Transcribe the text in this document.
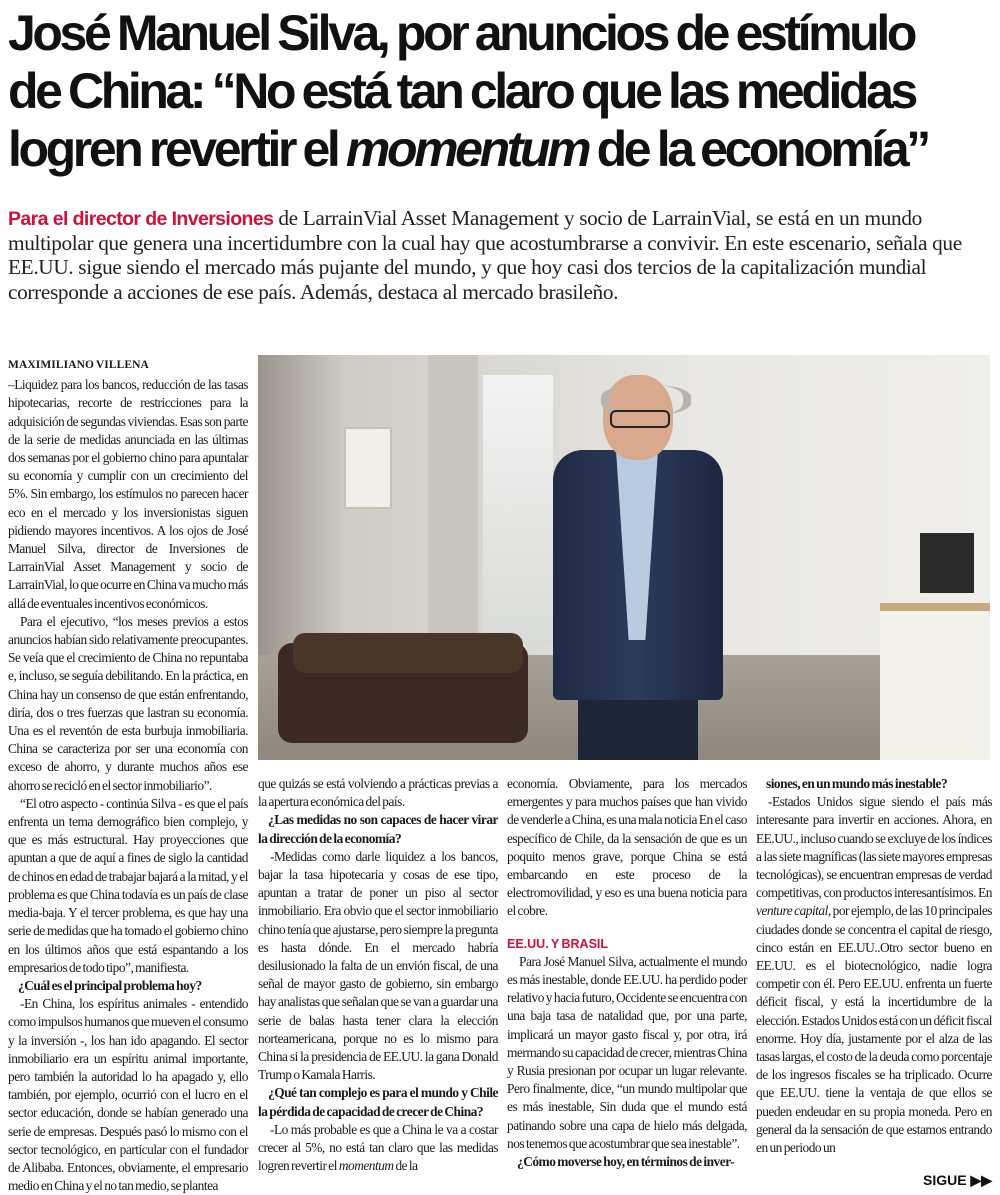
José Manuel Silva, por anuncios de estímulo
de China: “No está tan claro que las medidas
logren revertir el momentum de la economía”
Para el director de Inversiones de LarrainVial Asset Management y socio de LarrainVial, se está en un mundo multipolar que genera una incertidumbre con la cual hay que acostumbrarse a convivir. En este escenario, señala que EE.UU. sigue siendo el mercado más pujante del mundo, y que hoy casi dos tercios de la capitalización mundial corresponde a acciones de ese país. Además, destaca al mercado brasileño.
MAXIMILIANO VILLENA

–Liquidez para los bancos, reducción de las tasas hipotecarias, recorte de restricciones para la adquisición de segundas viviendas. Esas son parte de la serie de medidas anunciada en las últimas dos semanas por el gobierno chino para apuntalar su economía y cumplir con un crecimiento del 5%. Sin embargo, los estímulos no parecen hacer eco en el mercado y los inversionistas siguen pidiendo mayores incentivos. A los ojos de José Manuel Silva, director de Inversiones de LarrainVial Asset Management y socio de LarrainVial, lo que ocurre en China va mucho más allá de eventuales incentivos económicos.

Para el ejecutivo, “los meses previos a estos anuncios habían sido relativamente preocupantes. Se veía que el crecimiento de China no repuntaba e, incluso, se seguía debilitando. En la práctica, en China hay un consenso de que están enfrentando, diría, dos o tres fuerzas que lastran su economía. Una es el reventón de esta burbuja inmobiliaria. China se caracteriza por ser una economía con exceso de ahorro, y durante muchos años ese ahorro se recicló en el sector inmobiliario”.

“El otro aspecto - continúa Silva - es que el país enfrenta un tema demográfico bien complejo, y que es más estructural. Hay proyecciones que apuntan a que de aquí a fines de siglo la cantidad de chinos en edad de trabajar bajará a la mitad, y el problema es que China todavía es un país de clase media-baja. Y el tercer problema, es que hay una serie de medidas que ha tomado el gobierno chino en los últimos años que está espantando a los empresarios de todo tipo”, manifiesta.

¿Cuál es el principal problema hoy?

-En China, los espíritus animales - entendido como impulsos humanos que mueven el consumo y la inversión -, los han ido apagando. El sector inmobiliario era un espíritu animal importante, pero también la autoridad lo ha apagado y, ello también, por ejemplo, ocurrió con el lucro en el sector educación, donde se habían generado una serie de empresas. Después pasó lo mismo con el sector tecnológico, en particular con el fundador de Alibaba. Entonces, obviamente, el empresario medio en China y el no tan medio, se plantea

que quizás se está volviendo a prácticas previas a la apertura económica del país.

¿Las medidas no son capaces de hacer virar la dirección de la economía?

-Medidas como darle liquidez a los bancos, bajar la tasa hipotecaria y cosas de ese tipo, apuntan a tratar de poner un piso al sector inmobiliario. Era obvio que el sector inmobiliario chino tenía que ajustarse, pero siempre la pregunta es hasta dónde. En el mercado habría desilusionado la falta de un envión fiscal, de una señal de mayor gasto de gobierno, sin embargo hay analistas que señalan que se van a guardar una serie de balas hasta tener clara la elección norteamericana, porque no es lo mismo para China si la presidencia de EE.UU. la gana Donald Trump o Kamala Harris.

¿Qué tan complejo es para el mundo y Chile la pérdida de capacidad de crecer de China?

-Lo más probable es que a China le va a costar crecer al 5%, no está tan claro que las medidas logren revertir el momentum de la

economía. Obviamente, para los mercados emergentes y para muchos países que han vivido de venderle a China, es una mala noticia En el caso específico de Chile, da la sensación de que es un poquito menos grave, porque China se está embarcando en este proceso de la electromovilidad, y eso es una buena noticia para el cobre.

EE.UU. Y BRASIL

Para José Manuel Silva, actualmente el mundo es más inestable, donde EE.UU. ha perdido poder relativo y hacia futuro, Occidente se encuentra con una baja tasa de natalidad que, por una parte, implicará un mayor gasto fiscal y, por otra, irá mermando su capacidad de crecer, mientras China y Rusia presionan por ocupar un lugar relevante. Pero finalmente, dice, “un mundo multipolar que es más inestable, Sin duda que el mundo está patinando sobre una capa de hielo más delgada, nos tenemos que acostumbrar que sea inestable”.

¿Cómo moverse hoy, en términos de inver-

siones, en un mundo más inestable?

-Estados Unidos sigue siendo el país más interesante para invertir en acciones. Ahora, en EE.UU., incluso cuando se excluye de los índices a las siete magníficas (las siete mayores empresas tecnológicas), se encuentran empresas de verdad competitivas, con productos interesantísimos. En venture capital, por ejemplo, de las 10 principales ciudades donde se concentra el capital de riesgo, cinco están en EE.UU..Otro sector bueno en EE.UU. es el biotecnológico, nadie logra competir con él. Pero EE.UU. enfrenta un fuerte déficit fiscal, y está la incertidumbre de la elección. Estados Unidos está con un déficit fiscal enorme. Hoy día, justamente por el alza de las tasas largas, el costo de la deuda como porcentaje de los ingresos fiscales se ha triplicado. Ocurre que EE.UU. tiene la ventaja de que ellos se pueden endeudar en su propia moneda. Pero en general da la sensación de que estamos entrando en un periodo un

SIGUE ▶▶
